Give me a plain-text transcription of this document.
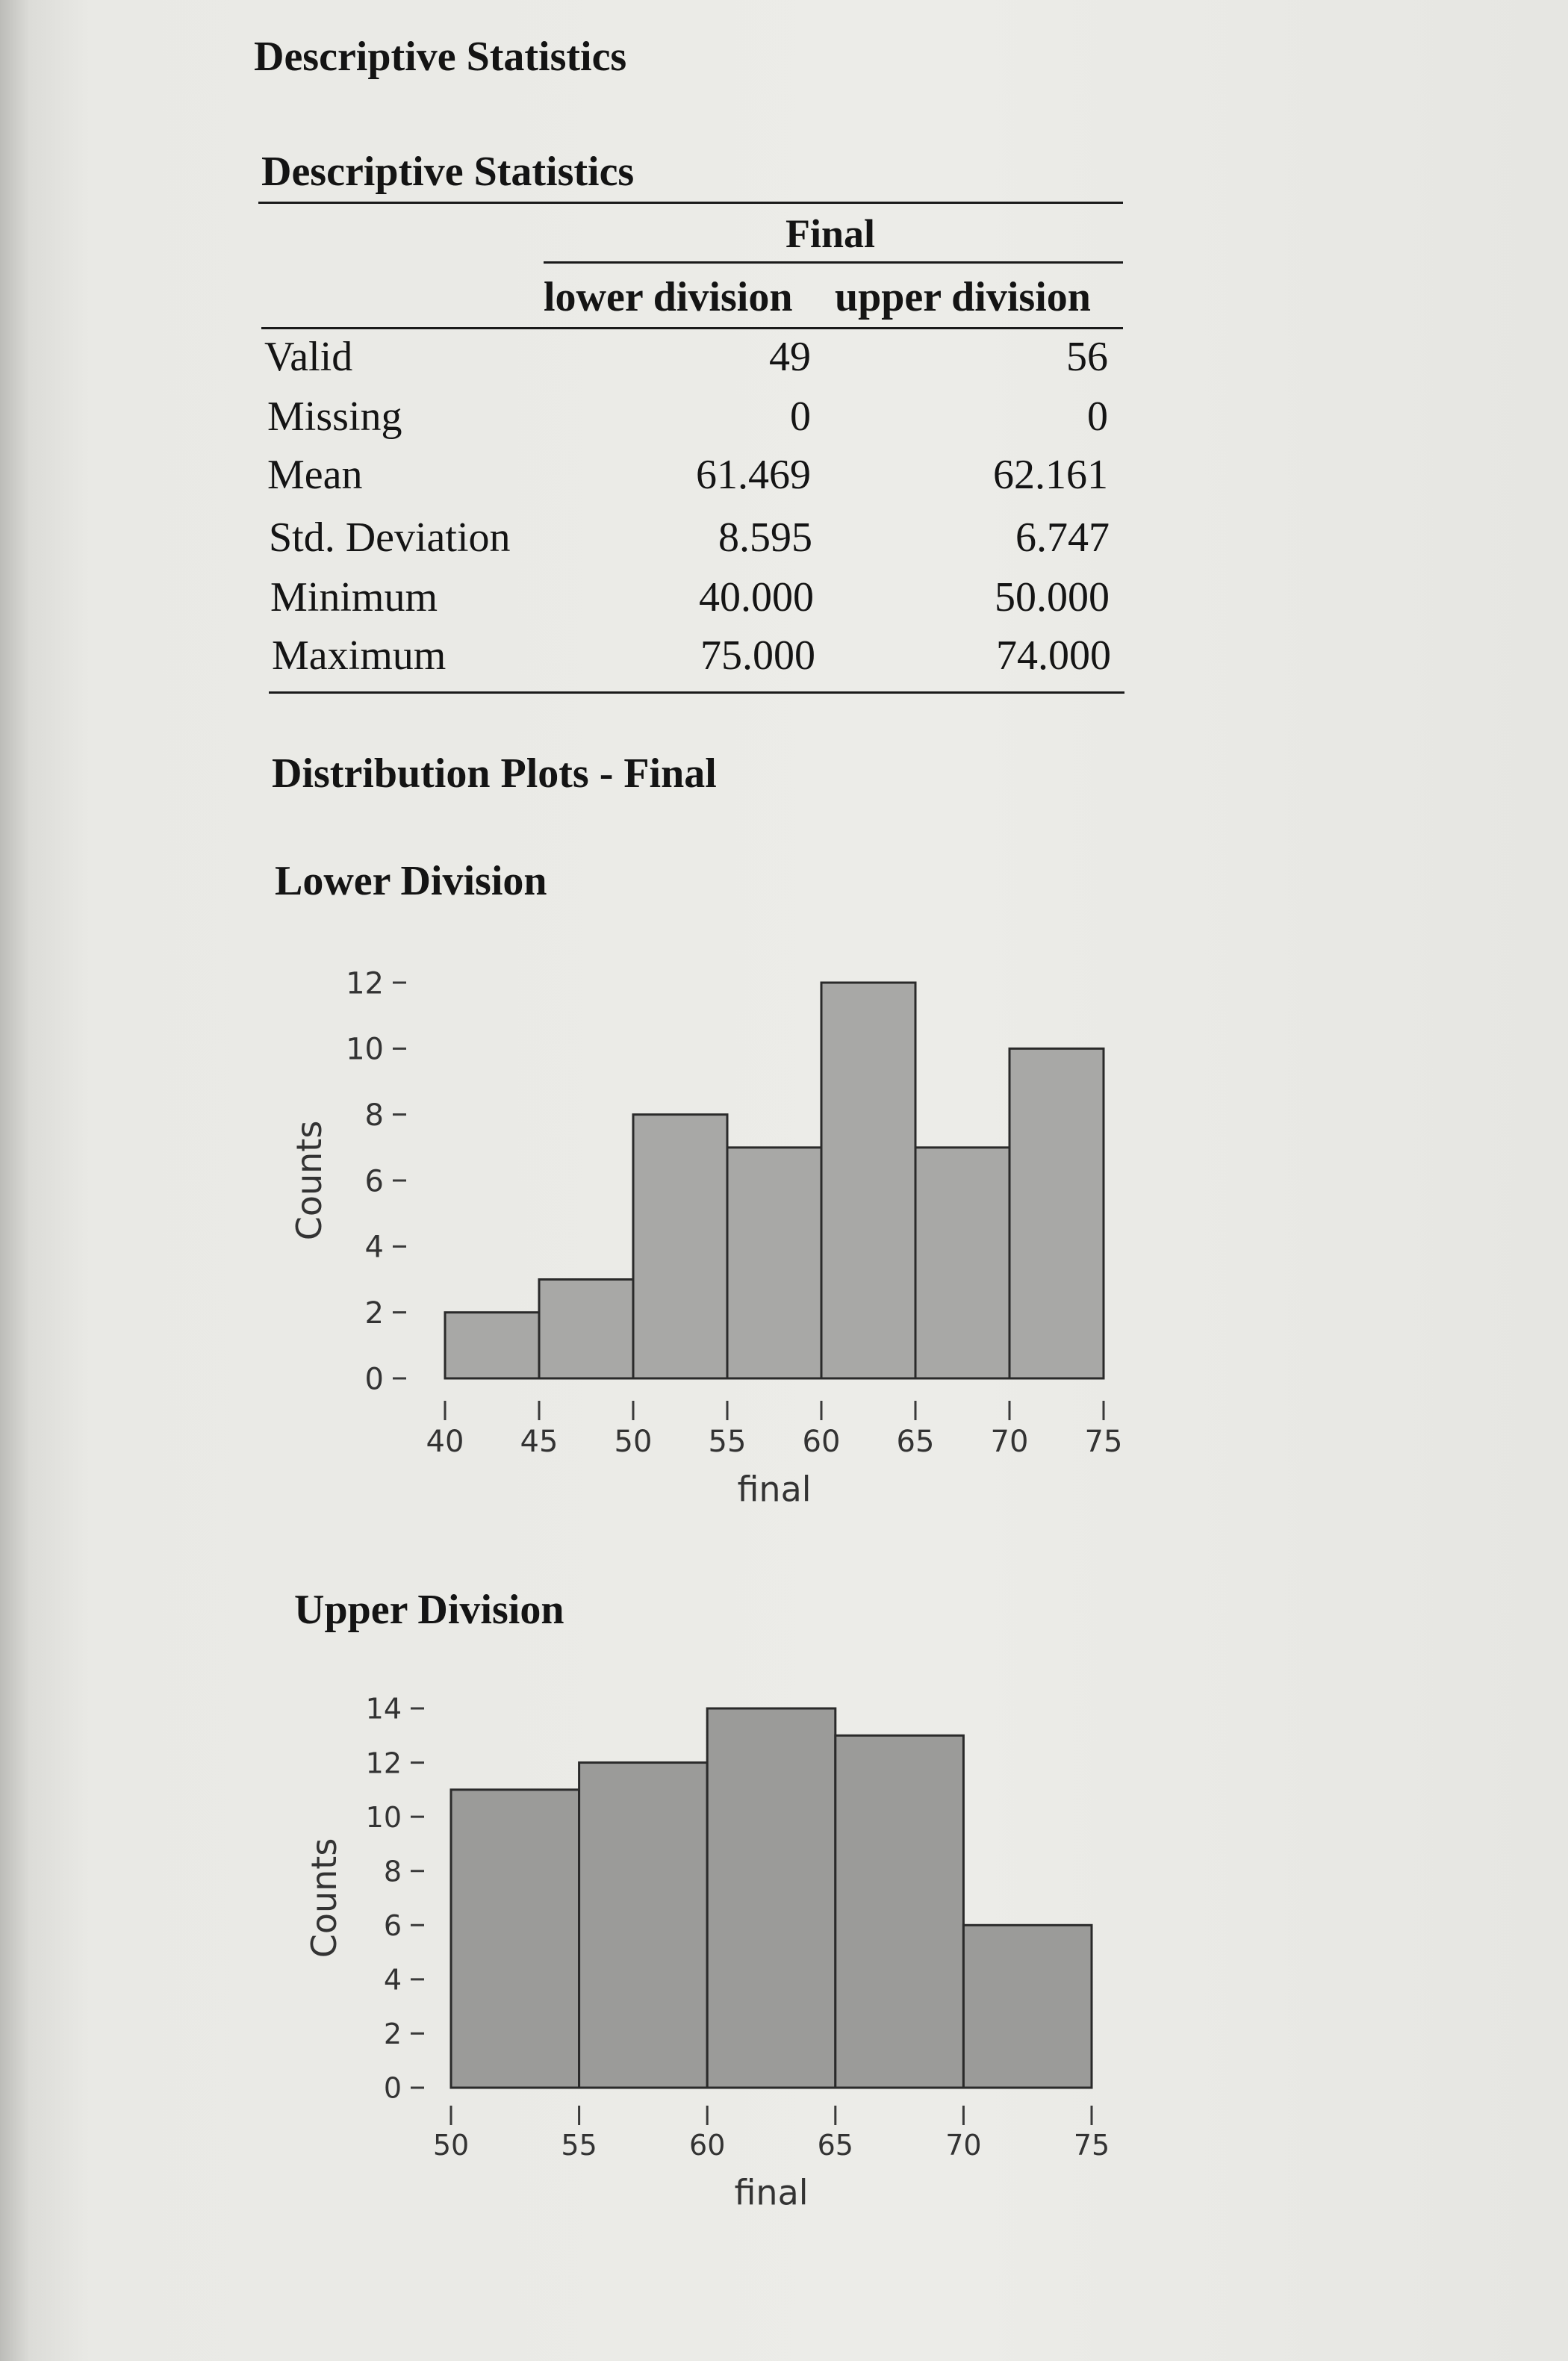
Descriptive Statistics
Descriptive Statistics
Final
lower division upper division
Valid	49	56
Missing	0	0
Mean	61.469	62.161
Std. Deviation	8.595	6.747
Minimum	40.000	50.000
Maximum	75.000	74.000
Distribution Plots - Final
Lower Division
0
2
4
6
8
10
12
40 45 50 55 60 65 70 75
final
Counts
Upper Division
0
2
4
6
8
10
12
14
50	55	60	65	70	75
final
Counts
